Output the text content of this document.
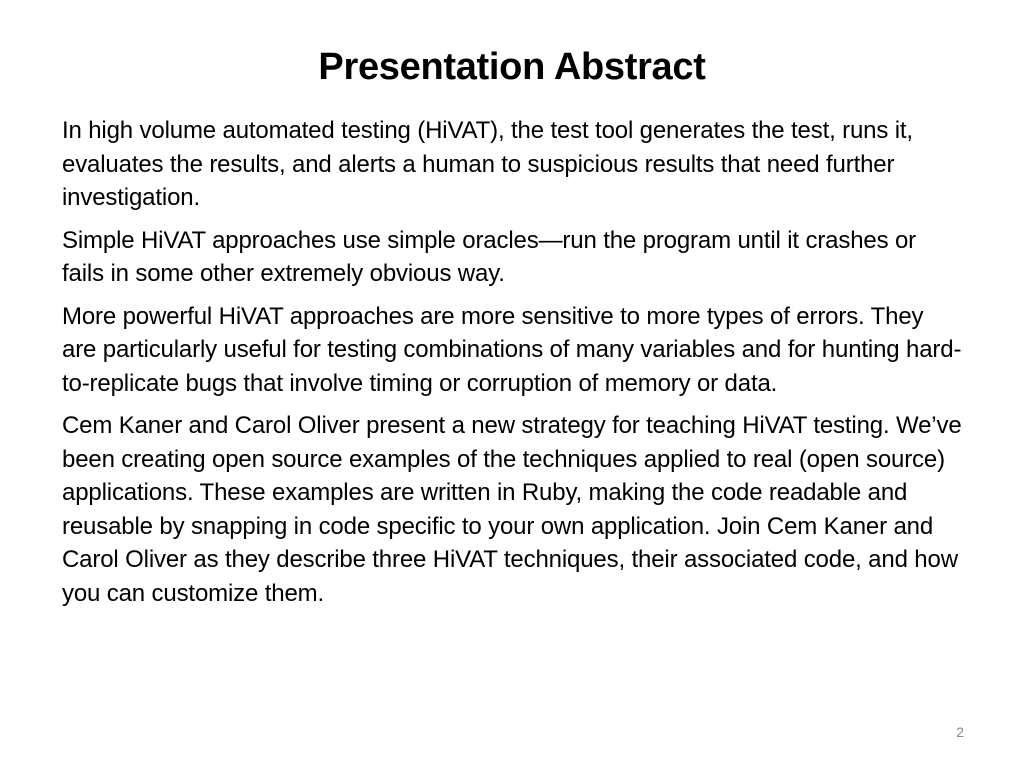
Presentation Abstract

In high volume automated testing (HiVAT), the test tool generates the test, runs it, evaluates the results, and alerts a human to suspicious results that need further investigation.

Simple HiVAT approaches use simple oracles—run the program until it crashes or fails in some other extremely obvious way.

More powerful HiVAT approaches are more sensitive to more types of errors. They are particularly useful for testing combinations of many variables and for hunting hard-to-replicate bugs that involve timing or corruption of memory or data.

Cem Kaner and Carol Oliver present a new strategy for teaching HiVAT testing. We’ve been creating open source examples of the techniques applied to real (open source) applications. These examples are written in Ruby, making the code readable and reusable by snapping in code specific to your own application. Join Cem Kaner and Carol Oliver as they describe three HiVAT techniques, their associated code, and how you can customize them.

2
